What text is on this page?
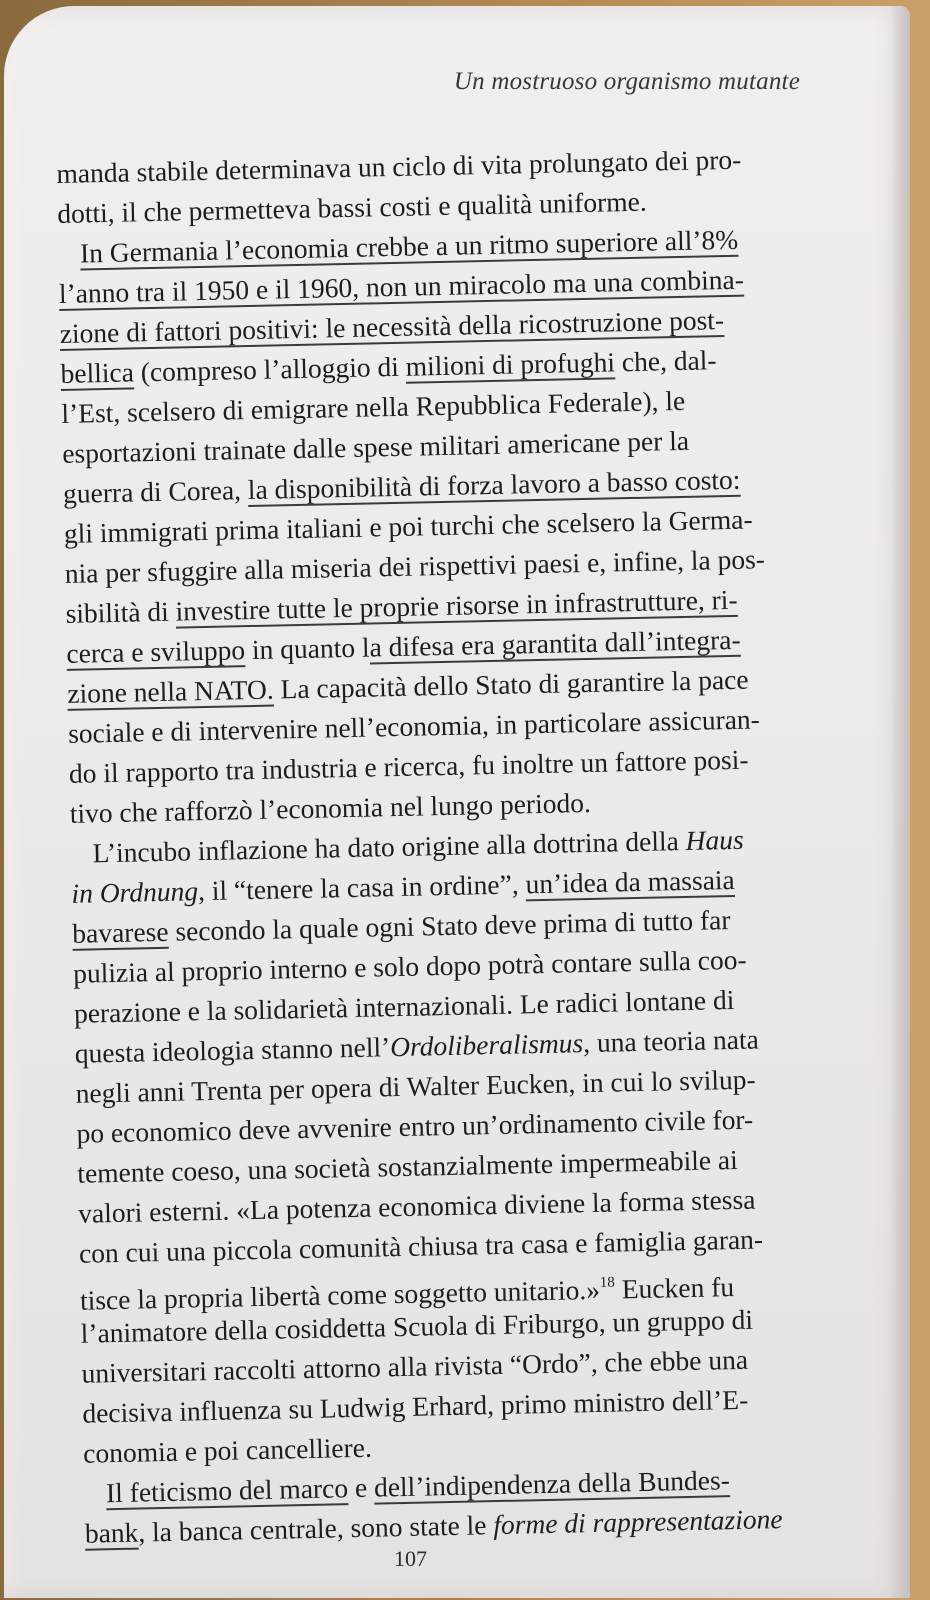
Un mostruoso organismo mutante
manda stabile determinava un ciclo di vita prolungato dei pro-
dotti, il che permetteva bassi costi e qualità uniforme.
In Germania l’economia crebbe a un ritmo superiore all’8%
l’anno tra il 1950 e il 1960, non un miracolo ma una combina-
zione di fattori positivi: le necessità della ricostruzione post-
bellica (compreso l’alloggio di milioni di profughi che, dal-
l’Est, scelsero di emigrare nella Repubblica Federale), le
esportazioni trainate dalle spese militari americane per la
guerra di Corea, la disponibilità di forza lavoro a basso costo:
gli immigrati prima italiani e poi turchi che scelsero la Germa-
nia per sfuggire alla miseria dei rispettivi paesi e, infine, la pos-
sibilità di investire tutte le proprie risorse in infrastrutture, ri-
cerca e sviluppo in quanto la difesa era garantita dall’integra-
zione nella NATO. La capacità dello Stato di garantire la pace
sociale e di intervenire nell’economia, in particolare assicuran-
do il rapporto tra industria e ricerca, fu inoltre un fattore posi-
tivo che rafforzò l’economia nel lungo periodo.
L’incubo inflazione ha dato origine alla dottrina della Haus
in Ordnung, il “tenere la casa in ordine”, un’idea da massaia
bavarese secondo la quale ogni Stato deve prima di tutto far
pulizia al proprio interno e solo dopo potrà contare sulla coo-
perazione e la solidarietà internazionali. Le radici lontane di
questa ideologia stanno nell’Ordoliberalismus, una teoria nata
negli anni Trenta per opera di Walter Eucken, in cui lo svilup-
po economico deve avvenire entro un’ordinamento civile for-
temente coeso, una società sostanzialmente impermeabile ai
valori esterni. «La potenza economica diviene la forma stessa
con cui una piccola comunità chiusa tra casa e famiglia garan-
tisce la propria libertà come soggetto unitario.»$^{18}$ Eucken fu
l’animatore della cosiddetta Scuola di Friburgo, un gruppo di
universitari raccolti attorno alla rivista “Ordo”, che ebbe una
decisiva influenza su Ludwig Erhard, primo ministro dell’E-
conomia e poi cancelliere.
Il feticismo del marco e dell’indipendenza della Bundes-
bank, la banca centrale, sono state le forme di rappresentazione
107
